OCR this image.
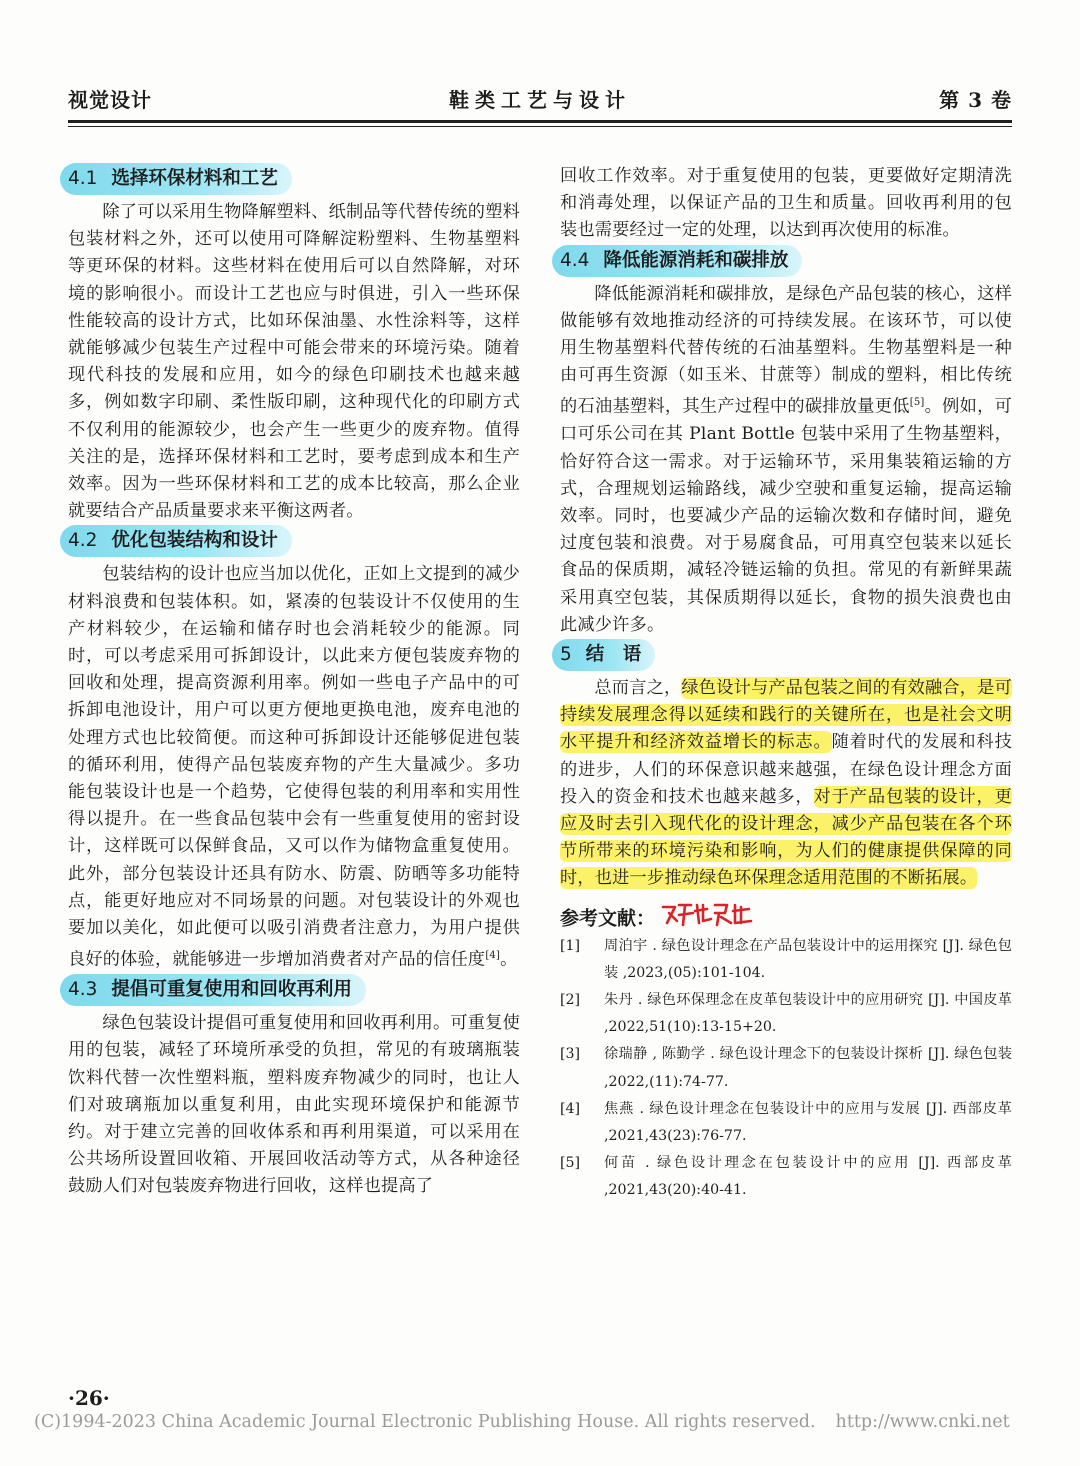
视觉设计	鞋类工艺与设计	第 3 卷
4.1 选择环保材料和工艺

除了可以采用生物降解塑料、纸制品等代替传统的塑料包装材料之外，还可以使用可降解淀粉塑料、生物基塑料等更环保的材料。这些材料在使用后可以自然降解，对环境的影响很小。而设计工艺也应与时俱进，引入一些环保性能较高的设计方式，比如环保油墨、水性涂料等，这样就能够减少包装生产过程中可能会带来的环境污染。随着现代科技的发展和应用，如今的绿色印刷技术也越来越多，例如数字印刷、柔性版印刷，这种现代化的印刷方式不仅利用的能源较少，也会产生一些更少的废弃物。值得关注的是，选择环保材料和工艺时，要考虑到成本和生产效率。因为一些环保材料和工艺的成本比较高，那么企业就要结合产品质量要求来平衡这两者。

4.2 优化包装结构和设计

包装结构的设计也应当加以优化，正如上文提到的减少材料浪费和包装体积。如，紧凑的包装设计不仅使用的生产材料较少，在运输和储存时也会消耗较少的能源。同时，可以考虑采用可拆卸设计，以此来方便包装废弃物的回收和处理，提高资源利用率。例如一些电子产品中的可拆卸电池设计，用户可以更方便地更换电池，废弃电池的处理方式也比较简便。而这种可拆卸设计还能够促进包装的循环利用，使得产品包装废弃物的产生大量减少。多功能包装设计也是一个趋势，它使得包装的利用率和实用性得以提升。在一些食品包装中会有一些重复使用的密封设计，这样既可以保鲜食品，又可以作为储物盒重复使用。此外，部分包装设计还具有防水、防震、防晒等多功能特点，能更好地应对不同场景的问题。对包装设计的外观也要加以美化，如此便可以吸引消费者注意力，为用户提供良好的体验，就能够进一步增加消费者对产品的信任度[4]。

4.3 提倡可重复使用和回收再利用

绿色包装设计提倡可重复使用和回收再利用。可重复使用的包装，减轻了环境所承受的负担，常见的有玻璃瓶装饮料代替一次性塑料瓶，塑料废弃物减少的同时，也让人们对玻璃瓶加以重复利用，由此实现环境保护和能源节约。对于建立完善的回收体系和再利用渠道，可以采用在公共场所设置回收箱、开展回收活动等方式，从各种途径鼓励人们对包装废弃物进行回收，这样也提高了

回收工作效率。对于重复使用的包装，更要做好定期清洗和消毒处理，以保证产品的卫生和质量。回收再利用的包装也需要经过一定的处理，以达到再次使用的标准。

4.4 降低能源消耗和碳排放

降低能源消耗和碳排放，是绿色产品包装的核心，这样做能够有效地推动经济的可持续发展。在该环节，可以使用生物基塑料代替传统的石油基塑料。生物基塑料是一种由可再生资源（如玉米、甘蔗等）制成的塑料，相比传统的石油基塑料，其生产过程中的碳排放量更低[5]。例如，可口可乐公司在其 Plant Bottle 包装中采用了生物基塑料，恰好符合这一需求。对于运输环节，采用集装箱运输的方式，合理规划运输路线，减少空驶和重复运输，提高运输效率。同时，也要减少产品的运输次数和存储时间，避免过度包装和浪费。对于易腐食品，可用真空包装来以延长食品的保质期，减轻冷链运输的负担。常见的有新鲜果蔬采用真空包装，其保质期得以延长，食物的损失浪费也由此减少许多。

5 结　语

总而言之，绿色设计与产品包装之间的有效融合，是可持续发展理念得以延续和践行的关键所在，也是社会文明水平提升和经济效益增长的标志。随着时代的发展和科技的进步，人们的环保意识越来越强，在绿色设计理念方面投入的资金和技术也越来越多，对于产品包装的设计，更应及时去引入现代化的设计理念，减少产品包装在各个环节所带来的环境污染和影响，为人们的健康提供保障的同时，也进一步推动绿色环保理念适用范围的不断拓展。

参考文献：

[1] 周泊宇 . 绿色设计理念在产品包装设计中的运用探究 [J]. 绿色包装 ,2023,(05):101-104.

[2] 朱丹 . 绿色环保理念在皮革包装设计中的应用研究 [J]. 中国皮革 ,2022,51(10):13-15+20.

[3] 徐瑞静 , 陈勤学 . 绿色设计理念下的包装设计探析 [J]. 绿色包装 ,2022,(11):74-77.

[4] 焦燕 . 绿色设计理念在包装设计中的应用与发展 [J]. 西部皮革 ,2021,43(23):76-77.

[5] 何苗 . 绿色设计理念在包装设计中的应用 [J]. 西部皮革 ,2021,43(20):40-41.

·26·
(C)1994-2023 China Academic Journal Electronic Publishing House. All rights reserved. http://www.cnki.net
